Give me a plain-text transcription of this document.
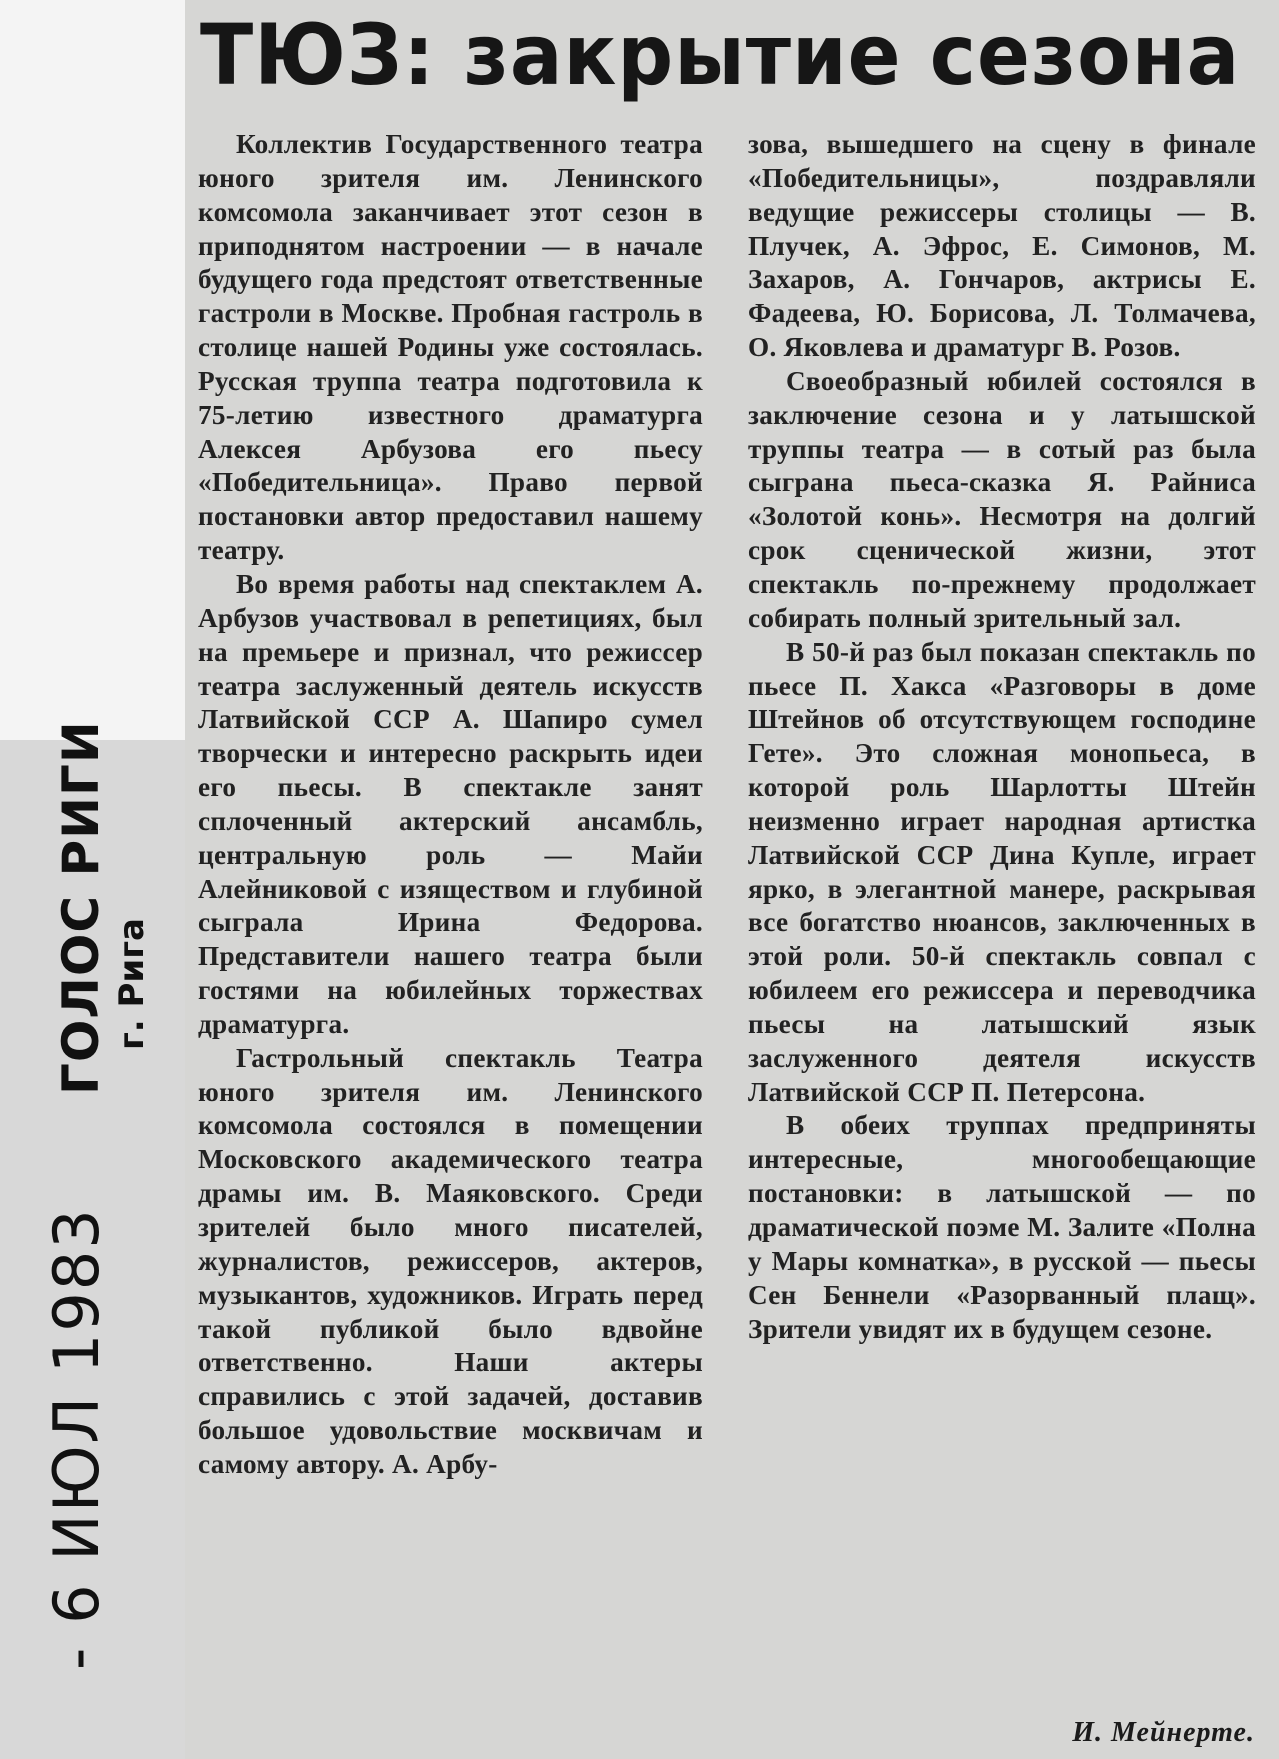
- 6 ИЮЛ 1983
ГОЛОС РИГИ г. Рига
ТЮЗ: закрытие сезона

Коллектив Государственного театра юного зрителя им. Ленинского комсомола заканчивает этот сезон в приподнятом настроении — в начале будущего года предстоят ответственные гастроли в Москве. Пробная гастроль в столице нашей Родины уже состоялась. Русская труппа театра подготовила к 75-летию известного драматурга Алексея Арбузова его пьесу «Победительница». Право первой постановки автор предоставил нашему театру.

Во время работы над спектаклем А. Арбузов участвовал в репетициях, был на премьере и признал, что режиссер театра заслуженный деятель искусств Латвийской ССР А. Шапиро сумел творчески и интересно раскрыть идеи его пьесы. В спектакле занят сплоченный актерский ансамбль, центральную роль — Майи Алейниковой с изяществом и глубиной сыграла Ирина Федорова. Представители нашего театра были гостями на юбилейных торжествах драматурга.

Гастрольный спектакль Театра юного зрителя им. Ленинского комсомола состоялся в помещении Московского академического театра драмы им. В. Маяковского. Среди зрителей было много писателей, журналистов, режиссеров, актеров, музыкантов, художников. Играть перед такой публикой было вдвойне ответственно. Наши актеры справились с этой задачей, доставив большое удовольствие москвичам и самому автору. А. Арбу-

зова, вышедшего на сцену в финале «Победительницы», поздравляли ведущие режиссеры столицы — В. Плучек, А. Эфрос, Е. Симонов, М. Захаров, А. Гончаров, актрисы Е. Фадеева, Ю. Борисова, Л. Толмачева, О. Яковлева и драматург В. Розов.

Своеобразный юбилей состоялся в заключение сезона и у латышской труппы театра — в сотый раз была сыграна пьеса-сказка Я. Райниса «Золотой конь». Несмотря на долгий срок сценической жизни, этот спектакль по-прежнему продолжает собирать полный зрительный зал.

В 50-й раз был показан спектакль по пьесе П. Хакса «Разговоры в доме Штейнов об отсутствующем господине Гете». Это сложная монопьеса, в которой роль Шарлотты Штейн неизменно играет народная артистка Латвийской ССР Дина Купле, играет ярко, в элегантной манере, раскрывая все богатство нюансов, заключенных в этой роли. 50-й спектакль совпал с юбилеем его режиссера и переводчика пьесы на латышский язык заслуженного деятеля искусств Латвийской ССР П. Петерсона.

В обеих труппах предприняты интересные, многообещающие постановки: в латышской — по драматической поэме М. Залите «Полна у Мары комнатка», в русской — пьесы Сен Беннели «Разорванный плащ». Зрители увидят их в будущем сезоне.

И. Мейнерте.
